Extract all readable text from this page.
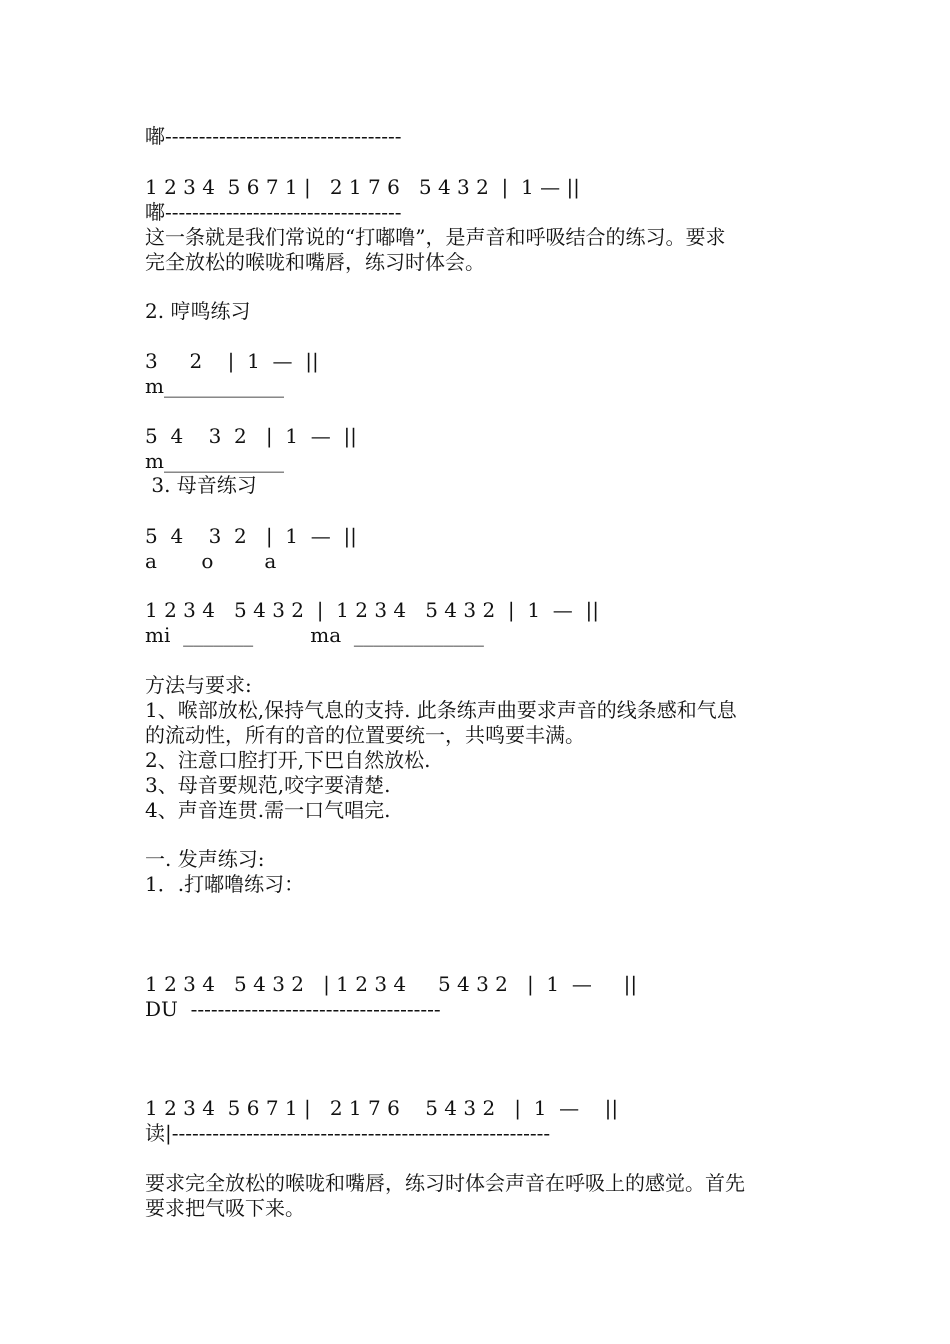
嘟-----------------------------------
1 2 3 4  5 6 7 1 |   2 1 7 6   5 4 3 2  |  1 — ||
嘟-----------------------------------
这一条就是我们常说的“打嘟噜”，是声音和呼吸结合的练习。要求
完全放松的喉咙和嘴唇，练习时体会。
2. 哼鸣练习
3     2    |  1  —  ||
m____________
5  4    3  2   |  1  —  ||
m____________
3. 母音练习
5  4    3  2   |  1  —  ||
a       o        a
1 2 3 4   5 4 3 2  |  1 2 3 4   5 4 3 2  |  1  —  ||
mi  _______         ma  _____________
方法与要求:
1、喉部放松,保持气息的支持. 此条练声曲要求声音的线条感和气息
的流动性，所有的音的位置要统一，共鸣要丰满。
2、注意口腔打开,下巴自然放松.
3、母音要规范,咬字要清楚.
4、声音连贯.需一口气唱完.
一. 发声练习:
1．.打嘟噜练习：
1 2 3 4   5 4 3 2   | 1 2 3 4     5 4 3 2   |  1  —     ||
DU  -------------------------------------
1 2 3 4  5 6 7 1 |   2 1 7 6    5 4 3 2   |  1  —    ||
读|--------------------------------------------------------
要求完全放松的喉咙和嘴唇，练习时体会声音在呼吸上的感觉。首先
要求把气吸下来。
